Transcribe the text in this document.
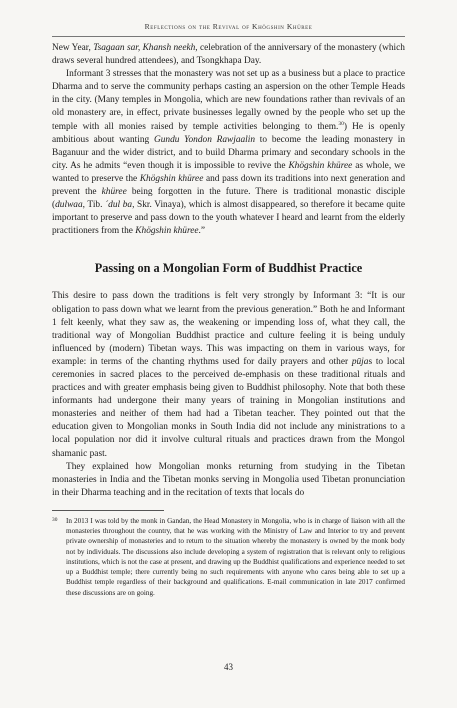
Reflections on the Revival of Khögshin Khüree

New Year, Tsagaan sar, Khansh neekh, celebration of the anniversary of the monastery (which draws several hundred attendees), and Tsongkhapa Day.

Informant 3 stresses that the monastery was not set up as a business but a place to practice Dharma and to serve the community perhaps casting an aspersion on the other Temple Heads in the city. (Many temples in Mongolia, which are new foundations rather than revivals of an old monastery are, in effect, private businesses legally owned by the people who set up the temple with all monies raised by temple activities belonging to them.$^{30}$) He is openly ambitious about wanting Gundu Yondon Rawjaalin to become the leading monastery in Baganuur and the wider district, and to build Dharma primary and secondary schools in the city. As he admits “even though it is impossible to revive the Khögshin khüree as whole, we wanted to preserve the Khögshin khüree and pass down its traditions into next generation and prevent the khüree being forgotten in the future. There is traditional monastic disciple (dulwaa, Tib. ´dul ba, Skr. Vinaya), which is almost disappeared, so therefore it became quite important to preserve and pass down to the youth whatever I heard and learnt from the elderly practitioners from the Khögshin khüree.”

Passing on a Mongolian Form of Buddhist Practice

This desire to pass down the traditions is felt very strongly by Informant 3: “It is our obligation to pass down what we learnt from the previous generation.” Both he and Informant 1 felt keenly, what they saw as, the weakening or impending loss of, what they call, the traditional way of Mongolian Buddhist practice and culture feeling it is being unduly influenced by (modern) Tibetan ways. This was impacting on them in various ways, for example: in terms of the chanting rhythms used for daily prayers and other pūjas to local ceremonies in sacred places to the perceived de-emphasis on these traditional rituals and practices and with greater emphasis being given to Buddhist philosophy. Note that both these informants had undergone their many years of training in Mongolian institutions and monasteries and neither of them had had a Tibetan teacher. They pointed out that the education given to Mongolian monks in South India did not include any ministrations to a local population nor did it involve cultural rituals and practices drawn from the Mongol shamanic past.

They explained how Mongolian monks returning from studying in the Tibetan monasteries in India and the Tibetan monks serving in Mongolia used Tibetan pronunciation in their Dharma teaching and in the recitation of texts that locals do

30 In 2013 I was told by the monk in Gandan, the Head Monastery in Mongolia, who is in charge of liaison with all the monasteries throughout the country, that he was working with the Ministry of Law and Interior to try and prevent private ownership of monasteries and to return to the situation whereby the monastery is owned by the monk body not by individuals. The discussions also include developing a system of registration that is relevant only to religious institutions, which is not the case at present, and drawing up the Buddhist qualifications and experience needed to set up a Buddhist temple; there currently being no such requirements with anyone who cares being able to set up a Buddhist temple regardless of their background and qualifications. E-mail communication in late 2017 confirmed these discussions are on going.
43
